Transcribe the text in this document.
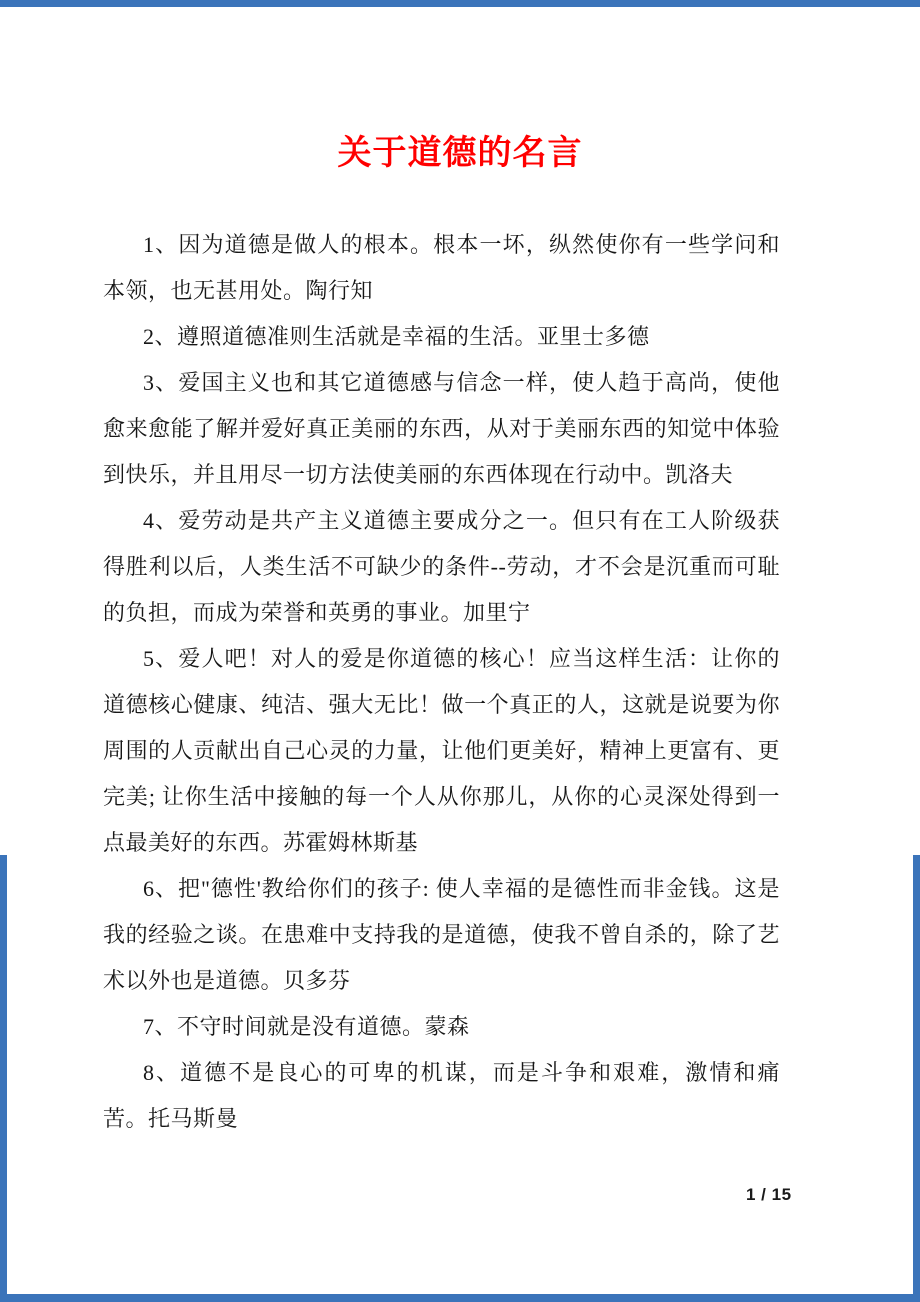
关于道德的名言

1、因为道德是做人的根本。根本一坏，纵然使你有一些学问和本领，也无甚用处。陶行知

2、遵照道德准则生活就是幸福的生活。亚里士多德

3、爱国主义也和其它道德感与信念一样，使人趋于高尚，使他愈来愈能了解并爱好真正美丽的东西，从对于美丽东西的知觉中体验到快乐，并且用尽一切方法使美丽的东西体现在行动中。凯洛夫

4、爱劳动是共产主义道德主要成分之一。但只有在工人阶级获得胜利以后，人类生活不可缺少的条件--劳动，才不会是沉重而可耻的负担，而成为荣誉和英勇的事业。加里宁

5、爱人吧！对人的爱是你道德的核心！应当这样生活：让你的道德核心健康、纯洁、强大无比！做一个真正的人，这就是说要为你周围的人贡献出自己心灵的力量，让他们更美好，精神上更富有、更完美; 让你生活中接触的每一个人从你那儿，从你的心灵深处得到一点最美好的东西。苏霍姆林斯基

6、把"德性'教给你们的孩子: 使人幸福的是德性而非金钱。这是我的经验之谈。在患难中支持我的是道德，使我不曾自杀的，除了艺术以外也是道德。贝多芬

7、不守时间就是没有道德。蒙森

8、道德不是良心的可卑的机谋，而是斗争和艰难，激情和痛苦。托马斯曼

1 / 15
